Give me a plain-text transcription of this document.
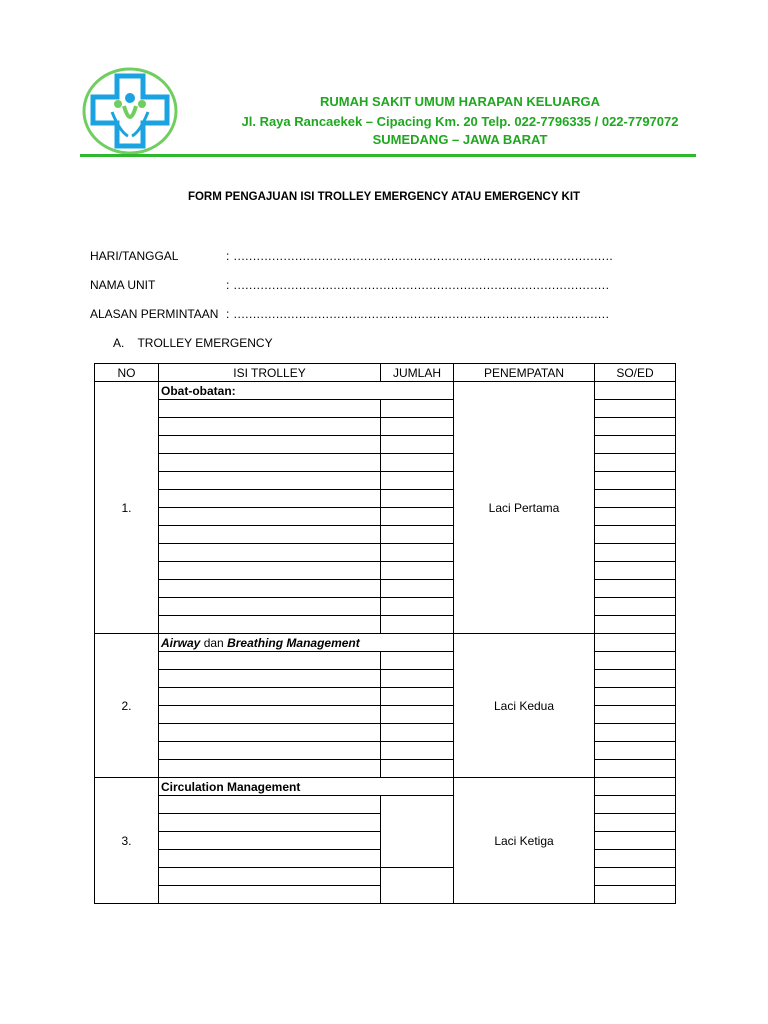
RUMAH SAKIT UMUM HARAPAN KELUARGA
Jl. Raya Rancaekek – Cipacing Km. 20 Telp. 022-7796335 / 022-7797072
SUMEDANG – JAWA BARAT
FORM PENGAJUAN ISI TROLLEY EMERGENCY ATAU EMERGENCY KIT
HARI/TANGGAL	: ...................................................................................................
NAMA UNIT	: ..................................................................................................
ALASAN PERMINTAAN : ..................................................................................................
A.    TROLLEY EMERGENCY
NO	ISI TROLLEY	JUMLAH	PENEMPATAN	SO/ED
1.	Obat-obatan:		Laci Pertama	

2.	Airway dan Breathing Management		Laci Kedua	

3.	Circulation Management		Laci Ketiga	
